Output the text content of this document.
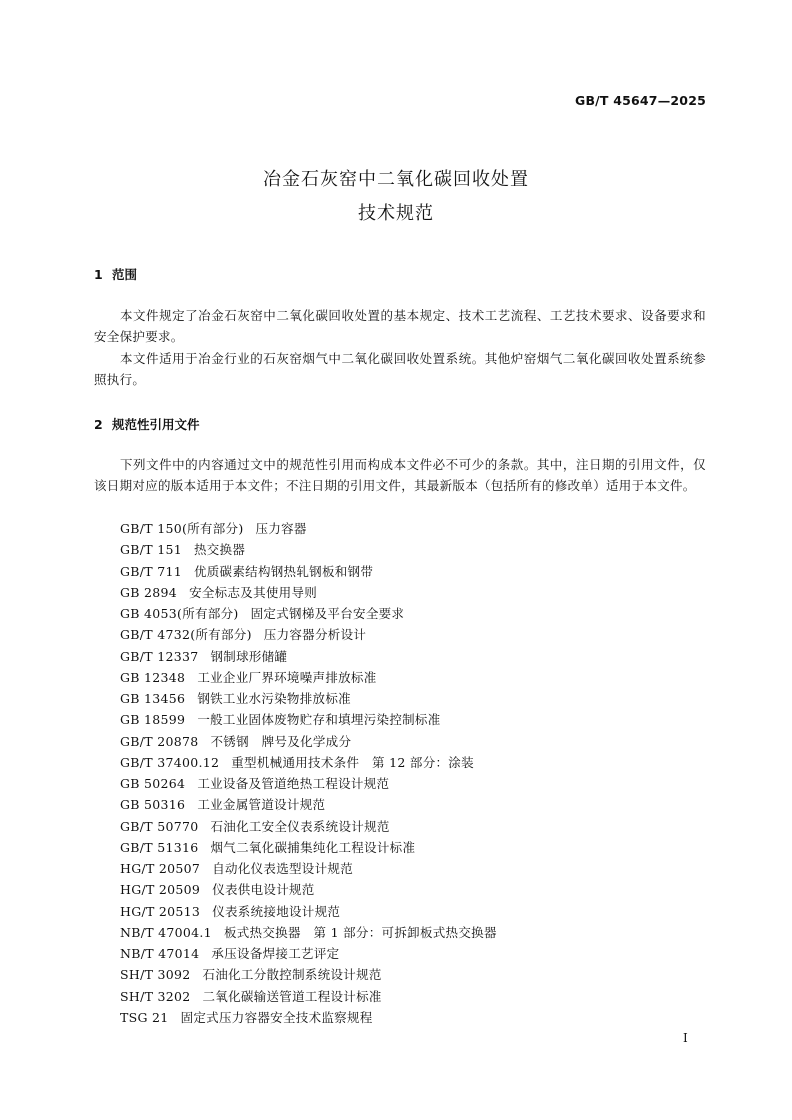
GB/T 45647—2025
冶金石灰窑中二氧化碳回收处置
技术规范
1 范围
本文件规定了冶金石灰窑中二氧化碳回收处置的基本规定、技术工艺流程、工艺技术要求、设备要求和安全保护要求。
本文件适用于冶金行业的石灰窑烟气中二氧化碳回收处置系统。其他炉窑烟气二氧化碳回收处置系统参照执行。
2 规范性引用文件
下列文件中的内容通过文中的规范性引用而构成本文件必不可少的条款。其中，注日期的引用文件，仅该日期对应的版本适用于本文件；不注日期的引用文件，其最新版本（包括所有的修改单）适用于本文件。
GB/T 150(所有部分) 压力容器
GB/T 151 热交换器
GB/T 711 优质碳素结构钢热轧钢板和钢带
GB 2894 安全标志及其使用导则
GB 4053(所有部分) 固定式钢梯及平台安全要求
GB/T 4732(所有部分) 压力容器分析设计
GB/T 12337 钢制球形储罐
GB 12348 工业企业厂界环境噪声排放标准
GB 13456 钢铁工业水污染物排放标准
GB 18599 一般工业固体废物贮存和填埋污染控制标准
GB/T 20878 不锈钢　牌号及化学成分
GB/T 37400.12 重型机械通用技术条件　第 12 部分：涂装
GB 50264 工业设备及管道绝热工程设计规范
GB 50316 工业金属管道设计规范
GB/T 50770 石油化工安全仪表系统设计规范
GB/T 51316 烟气二氧化碳捕集纯化工程设计标准
HG/T 20507 自动化仪表选型设计规范
HG/T 20509 仪表供电设计规范
HG/T 20513 仪表系统接地设计规范
NB/T 47004.1 板式热交换器　第 1 部分：可拆卸板式热交换器
NB/T 47014 承压设备焊接工艺评定
SH/T 3092 石油化工分散控制系统设计规范
SH/T 3202 二氧化碳输送管道工程设计标准
TSG 21 固定式压力容器安全技术监察规程
I
